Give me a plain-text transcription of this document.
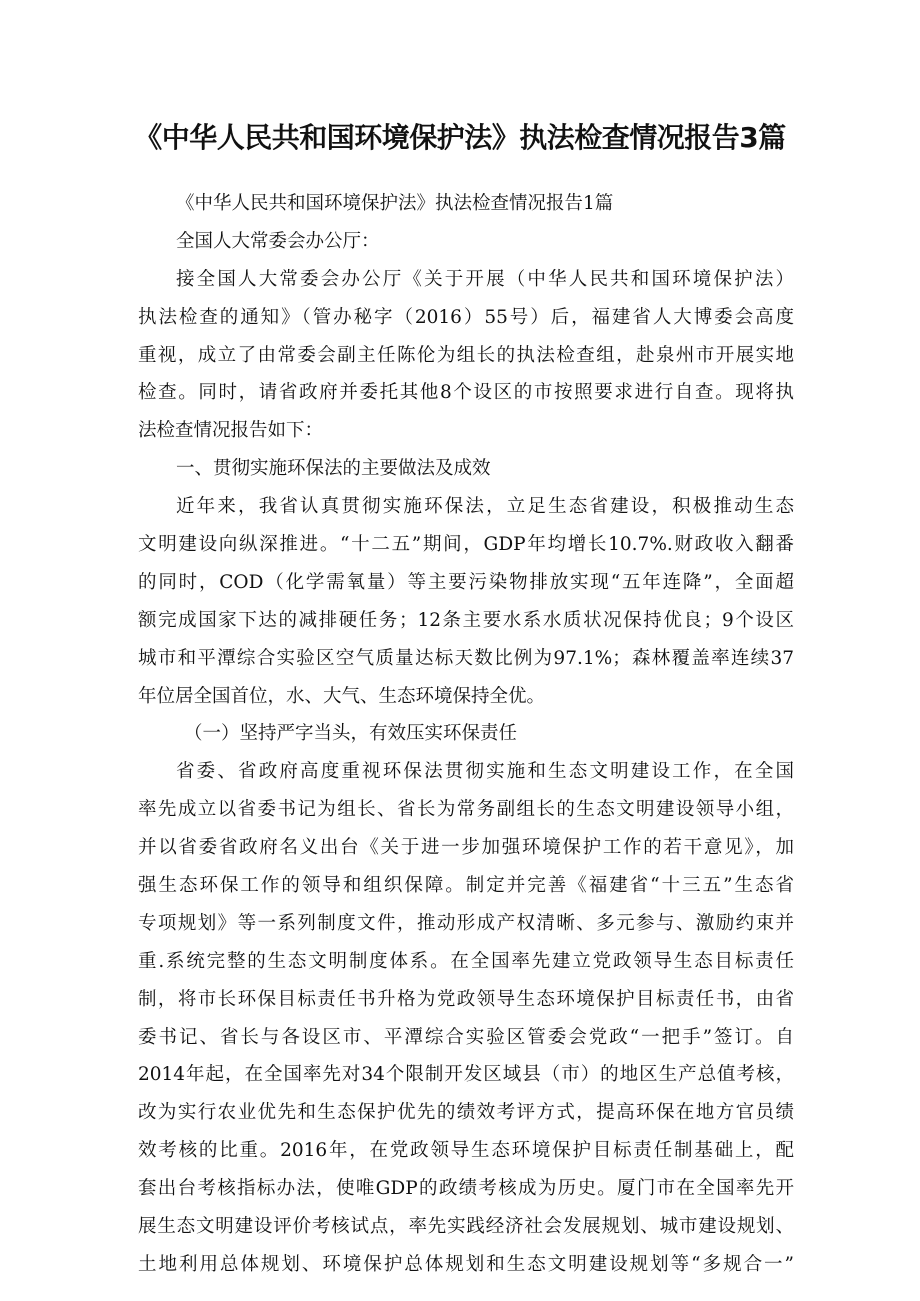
《中华人民共和国环境保护法》执法检查情况报告3篇
《中华人民共和国环境保护法》执法检查情况报告1篇
全国人大常委会办公厅：
接全国人大常委会办公厅《关于开展（中华人民共和国环境保护法）
执法检查的通知》（管办秘字（2016）55号）后，福建省人大博委会高度
重视，成立了由常委会副主任陈伦为组长的执法检查组，赴泉州市开展实地
检查。同时，请省政府并委托其他8个设区的市按照要求进行自查。现将执
法检查情况报告如下：
一、贯彻实施环保法的主要做法及成效
近年来，我省认真贯彻实施环保法，立足生态省建设，积极推动生态
文明建设向纵深推进。“十二五”期间，GDP年均增长10.7%.财政收入翻番
的同时，COD（化学需氧量）等主要污染物排放实现“五年连降”，全面超
额完成国家下达的减排硬任务；12条主要水系水质状况保持优良；9个设区
城市和平潭综合实验区空气质量达标天数比例为97.1%；森林覆盖率连续37
年位居全国首位，水、大气、生态环境保持全优。
（一）坚持严字当头，有效压实环保责任
省委、省政府高度重视环保法贯彻实施和生态文明建设工作，在全国
率先成立以省委书记为组长、省长为常务副组长的生态文明建设领导小组，
并以省委省政府名义出台《关于进一步加强环境保护工作的若干意见》，加
强生态环保工作的领导和组织保障。制定并完善《福建省“十三五”生态省
专项规划》等一系列制度文件，推动形成产权清晰、多元参与、激励约束并
重.系统完整的生态文明制度体系。在全国率先建立党政领导生态目标责任
制，将市长环保目标责任书升格为党政领导生态环境保护目标责任书，由省
委书记、省长与各设区市、平潭综合实验区管委会党政“一把手”签订。自
2014年起，在全国率先对34个限制开发区域县（市）的地区生产总值考核，
改为实行农业优先和生态保护优先的绩效考评方式，提高环保在地方官员绩
效考核的比重。2016年，在党政领导生态环境保护目标责任制基础上，配
套出台考核指标办法，使唯GDP的政绩考核成为历史。厦门市在全国率先开
展生态文明建设评价考核试点，率先实践经济社会发展规划、城市建设规划、
土地利用总体规划、环境保护总体规划和生态文明建设规划等“多规合一”
